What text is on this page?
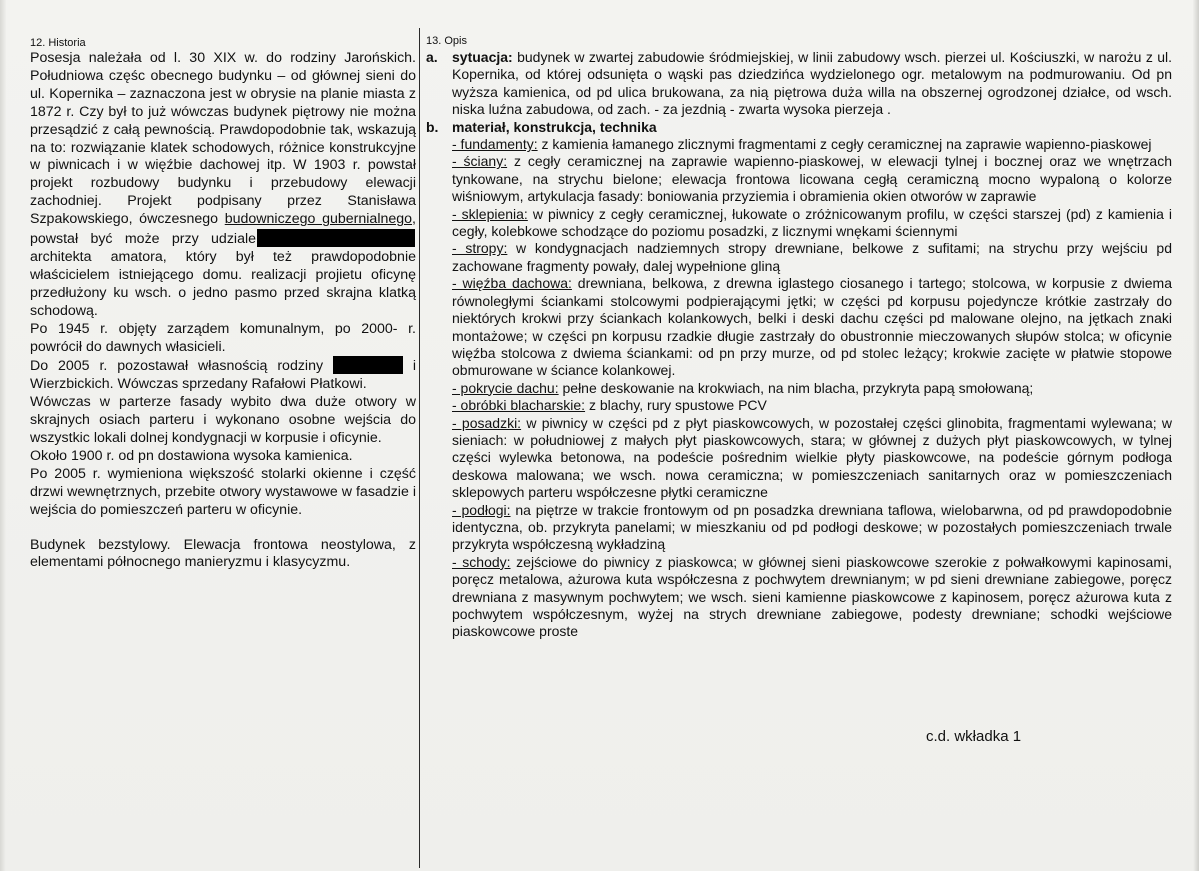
12. Historia

Posesja należała od l. 30 XIX w. do rodziny Jarońskich. Południowa częśc obecnego budynku – od głównej sieni do ul. Kopernika – zaznaczona jest w obrysie na planie miasta z 1872 r. Czy był to już wówczas budynek piętrowy nie można przesądzić z całą pewnością. Prawdopodobnie tak, wskazują na to: rozwiązanie klatek schodowych, różnice konstrukcyjne w piwnicach i w więźbie dachowej itp. W 1903 r. powstał projekt rozbudowy budynku i przebudowy elewacji zachodniej. Projekt podpisany przez Stanisława Szpakowskiego, ówczesnego budowniczego gubernialnego, powstał być może przy udzialearchitekta amatora, który był też prawdopodobnie właścicielem istniejącego domu. realizacji projietu oficynę przedłużony ku wsch. o jedno pasmo przed skrajna klatką schodową.

Po 1945 r. objęty zarządem komunalnym, po 2000- r. powrócił do dawnych własicieli.

Do 2005 r. pozostawał własnością rodziny	i Wierzbickich. Wówczas sprzedany Rafałowi Płatkowi.

Wówczas w parterze fasady wybito dwa duże otwory w skrajnych osiach parteru i wykonano osobne wejścia do wszystkic lokali dolnej kondygnacji w korpusie i oficynie.

Około 1900 r. od pn dostawiona wysoka kamienica.

Po 2005 r. wymieniona większość stolarki okienne i część drzwi wewnętrznych, przebite otwory wystawowe w fasadzie i wejścia do pomieszczeń parteru w oficynie.

Budynek bezstylowy. Elewacja frontowa neostylowa, z elementami północnego manieryzmu i klasycyzmu.

13. Opis
a.	sytuacja: budynek w zwartej zabudowie śródmiejskiej, w linii zabudowy wsch. pierzei ul. Kościuszki, w narożu z ul. Kopernika, od której odsunięta o wąski pas dziedzińca wydzielonego ogr. metalowym na podmurowaniu. Od pn wyższa kamienica, od pd ulica brukowana, za nią piętrowa duża willa na obszernej ogrodzonej działce, od wsch. niska luźna zabudowa, od zach. - za jezdnią - zwarta wysoka pierzeja .
b. materiał, konstrukcja, technika
- fundamenty: z kamienia łamanego zlicznymi fragmentami z cegły ceramicznej na zaprawie wapienno-piaskowej
- ściany: z cegły ceramicznej na zaprawie wapienno-piaskowej, w elewacji tylnej i bocznej oraz we wnętrzach tynkowane, na strychu bielone; elewacja frontowa licowana cegłą ceramiczną mocno wypaloną o kolorze wiśniowym, artykulacja fasady: boniowania przyziemia i obramienia okien otworów w zaprawie
- sklepienia: w piwnicy z cegły ceramicznej, łukowate o zróżnicowanym profilu, w części starszej (pd) z kamienia i cegły, kolebkowe schodzące do poziomu posadzki, z licznymi wnękami ściennymi
- stropy: w kondygnacjach nadziemnych stropy drewniane, belkowe z sufitami; na strychu przy wejściu pd zachowane fragmenty powały, dalej wypełnione gliną
- więźba dachowa: drewniana, belkowa, z drewna iglastego ciosanego i tartego; stolcowa, w korpusie z dwiema równoległymi ściankami stolcowymi podpierającymi jętki; w części pd korpusu pojedyncze krótkie zastrzały do niektórych krokwi przy ściankach kolankowych, belki i deski dachu części pd malowane olejno, na jętkach znaki montażowe; w części pn korpusu rzadkie długie zastrzały do obustronnie mieczowanych słupów stolca; w oficynie więźba stolcowa z dwiema ściankami: od pn przy murze, od pd stolec leżący; krokwie zacięte w płatwie stopowe obmurowane w ściance kolankowej.
- pokrycie dachu: pełne deskowanie na krokwiach, na nim blacha, przykryta papą smołowaną;
- obróbki blacharskie: z blachy, rury spustowe PCV
- posadzki: w piwnicy w części pd z płyt piaskowcowych, w pozostałej części glinobita, fragmentami wylewana; w sieniach: w południowej z małych płyt piaskowcowych, stara; w głównej z dużych płyt piaskowcowych, w tylnej części wylewka betonowa, na podeście pośrednim wielkie płyty piaskowcowe, na podeście górnym podłoga deskowa malowana; we wsch. nowa ceramiczna; w pomieszczeniach sanitarnych oraz w pomieszczeniach sklepowych parteru współczesne płytki ceramiczne
- podłogi: na piętrze w trakcie frontowym od pn posadzka drewniana taflowa, wielobarwna, od pd prawdopodobnie identyczna, ob. przykryta panelami; w mieszkaniu od pd podłogi deskowe; w pozostałych pomieszczeniach trwale przykryta współczesną wykładziną
- schody: zejściowe do piwnicy z piaskowca; w głównej sieni piaskowcowe szerokie z połwałkowymi kapinosami, poręcz metalowa, ażurowa kuta współczesna z pochwytem drewnianym; w pd sieni drewniane zabiegowe, poręcz drewniana z masywnym pochwytem; we wsch. sieni kamienne piaskowcowe z kapinosem, poręcz ażurowa kuta z pochwytem współczesnym, wyżej na strych drewniane zabiegowe, podesty drewniane; schodki wejściowe piaskowcowe proste
c.d. wkładka 1
